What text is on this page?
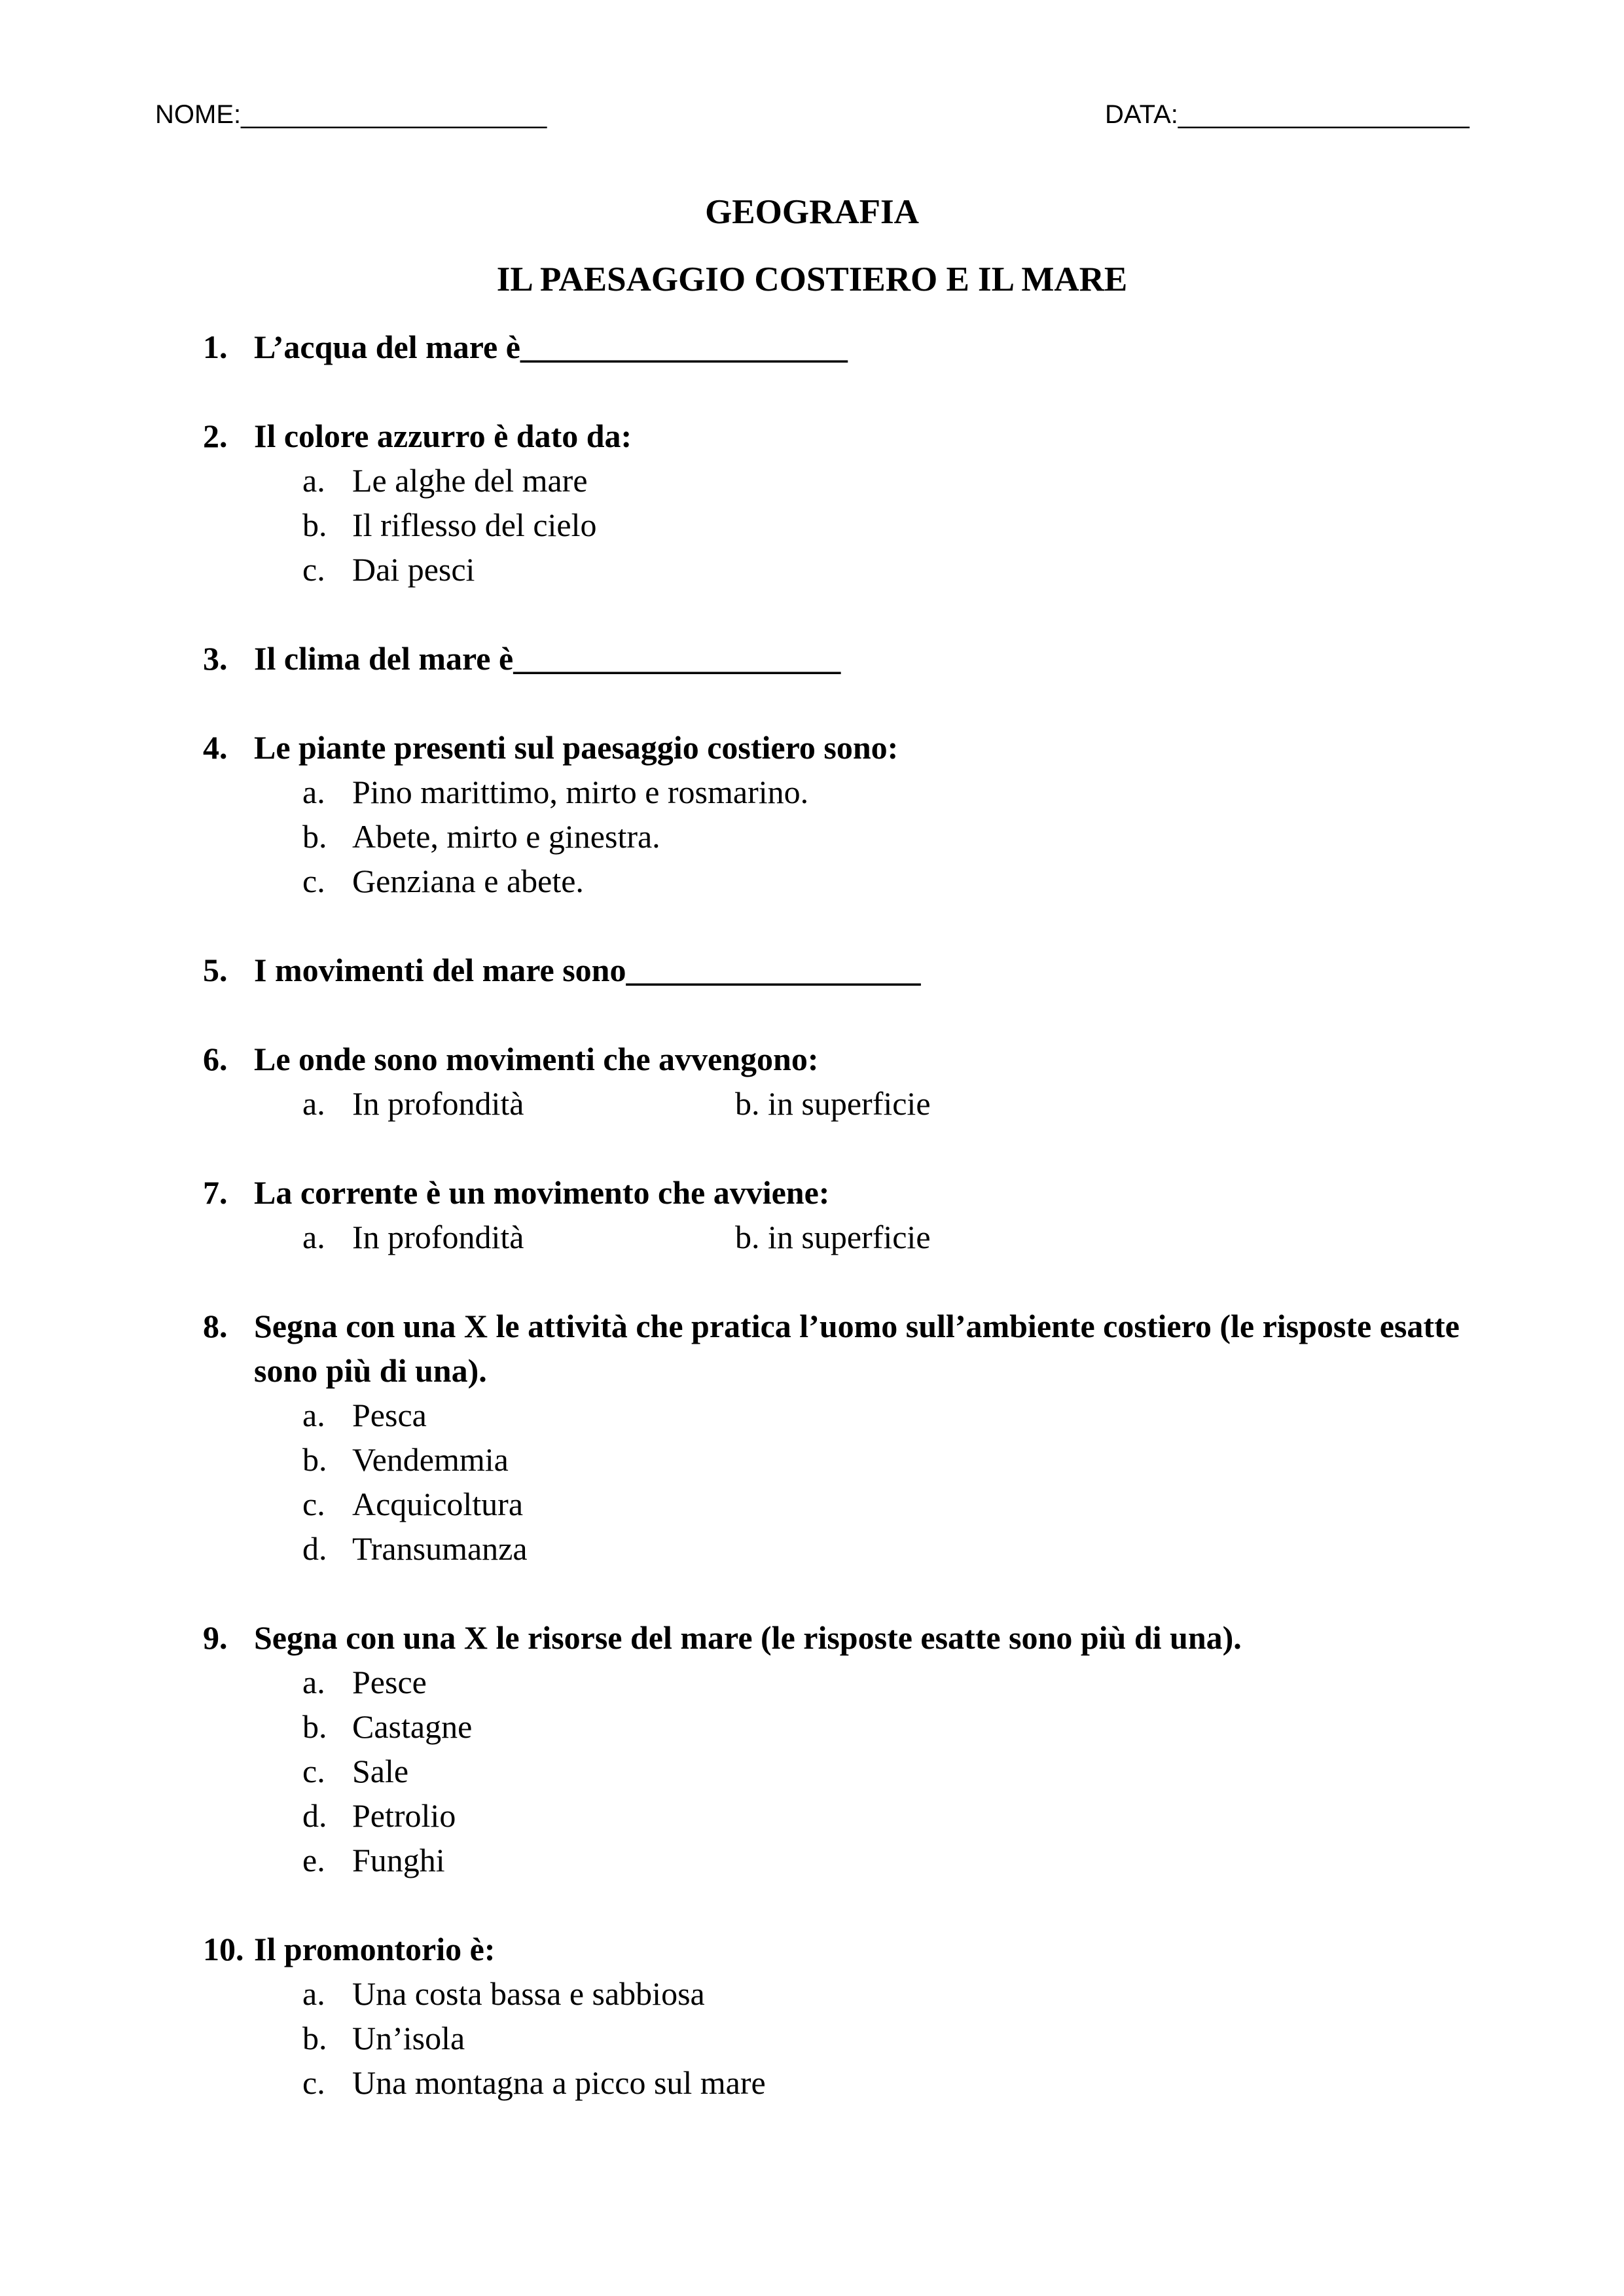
NOME:_____________________	DATA:____________________
GEOGRAFIA
IL PAESAGGIO COSTIERO E IL MARE
1. L’acqua del mare è____________________
2. Il colore azzurro è dato da:
a. Le alghe del mare
b. Il riflesso del cielo
c. Dai pesci
3. Il clima del mare è____________________
4. Le piante presenti sul paesaggio costiero sono:
a. Pino marittimo, mirto e rosmarino.
b. Abete, mirto e ginestra.
c. Genziana e abete.
5. I movimenti del mare sono__________________
6. Le onde sono movimenti che avvengono:
a. In profondità	b. in superficie
7. La corrente è un movimento che avviene:
a. In profondità	b. in superficie
8. Segna con una X le attività che pratica l’uomo sull’ambiente costiero (le risposte esatte sono più di una).
a. Pesca
b. Vendemmia
c. Acquicoltura
d. Transumanza
9. Segna con una X le risorse del mare (le risposte esatte sono più di una).
a. Pesce
b. Castagne
c. Sale
d. Petrolio
e. Funghi
10. Il promontorio è:
a. Una costa bassa e sabbiosa
b. Un’isola
c. Una montagna a picco sul mare
